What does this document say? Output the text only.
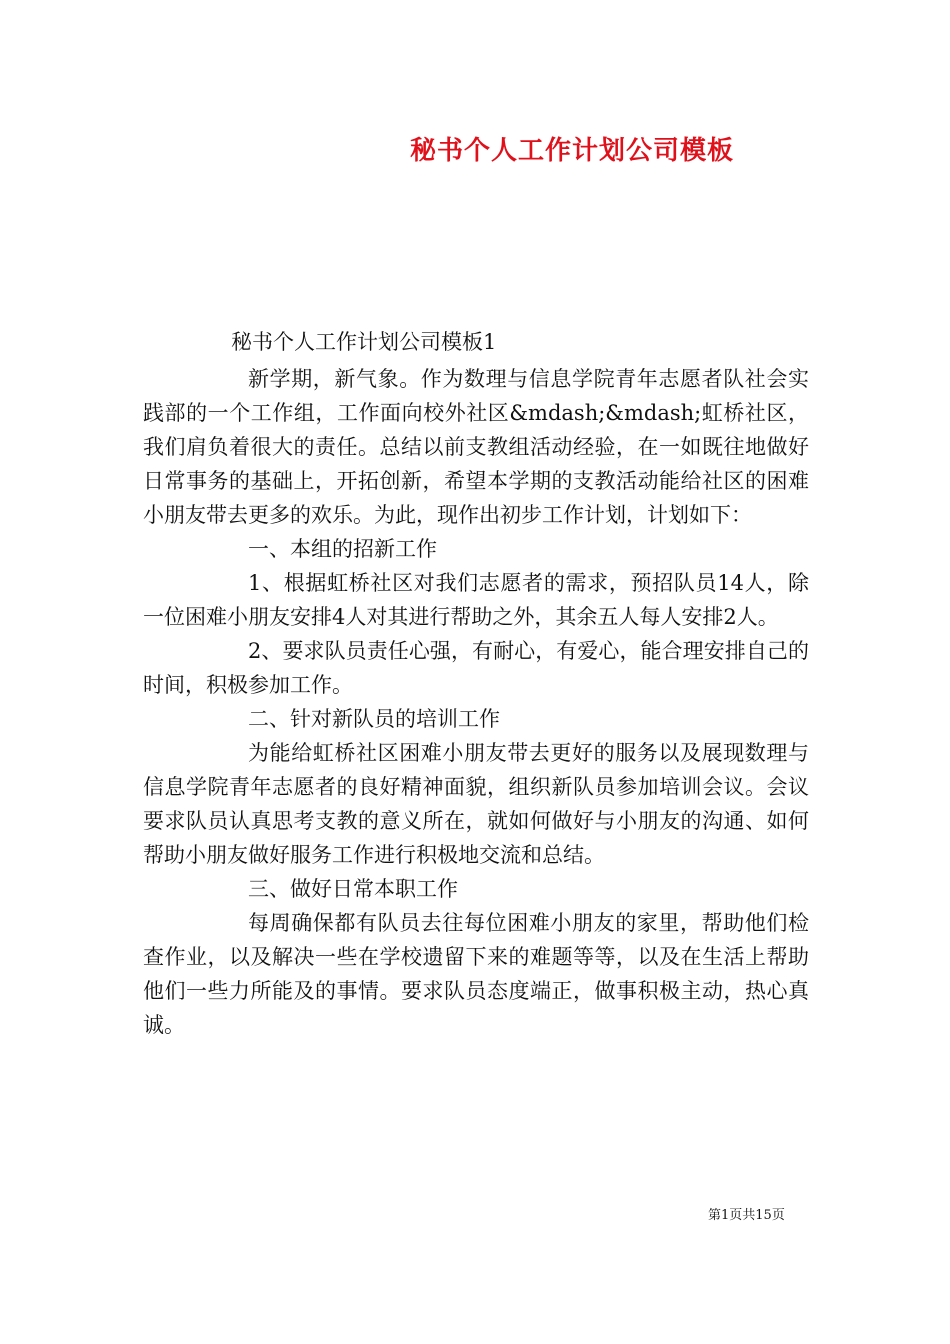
秘书个人工作计划公司模板

秘书个人工作计划公司模板1

新学期，新气象。作为数理与信息学院青年志愿者队社会实践部的一个工作组，工作面向校外社区&mdash;&mdash;虹桥社区，我们肩负着很大的责任。总结以前支教组活动经验，在一如既往地做好日常事务的基础上，开拓创新，希望本学期的支教活动能给社区的困难小朋友带去更多的欢乐。为此，现作出初步工作计划，计划如下：

一、本组的招新工作

1、根据虹桥社区对我们志愿者的需求，预招队员14人，除一位困难小朋友安排4人对其进行帮助之外，其余五人每人安排2人。

2、要求队员责任心强，有耐心，有爱心，能合理安排自己的时间，积极参加工作。

二、针对新队员的培训工作

为能给虹桥社区困难小朋友带去更好的服务以及展现数理与信息学院青年志愿者的良好精神面貌，组织新队员参加培训会议。会议要求队员认真思考支教的意义所在，就如何做好与小朋友的沟通、如何帮助小朋友做好服务工作进行积极地交流和总结。

三、做好日常本职工作

每周确保都有队员去往每位困难小朋友的家里，帮助他们检查作业，以及解决一些在学校遗留下来的难题等等，以及在生活上帮助他们一些力所能及的事情。要求队员态度端正，做事积极主动，热心真诚。

第1页共15页
